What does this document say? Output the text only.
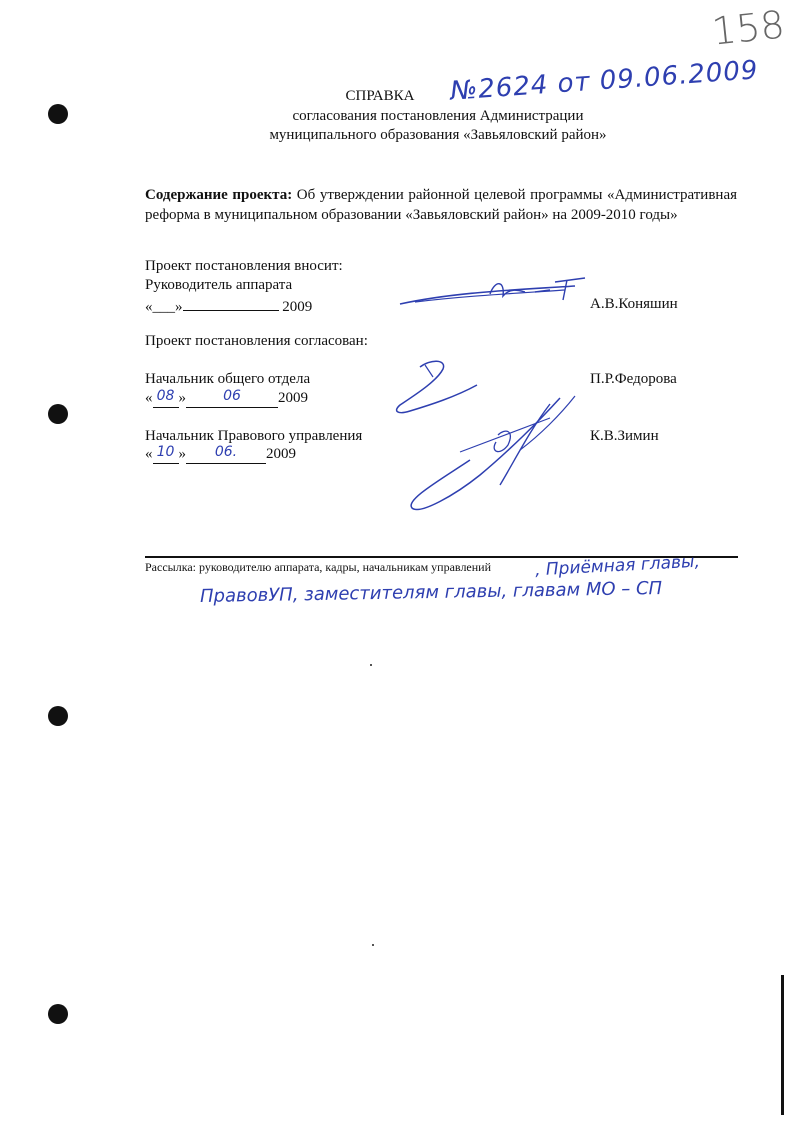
158
СПРАВКА	№2624 от 09.06.2009
согласования постановления Администрации
муниципального образования «Завьяловский район»
Содержание проекта: Об утверждении районной целевой программы «Административная реформа в муниципальном образовании «Завьяловский район» на 2009-2010 годы»
Проект постановления вносит:
Руководитель аппарата
«___»	2009	А.В.Коняшин
Проект постановления согласован:
Начальник общего отдела
« 08 »	06 2009
П.Р.Федорова
Начальник Правового управления
« 10 » 06. 2009
К.В.Зимин
Рассылка: руководителю аппарата, кадры, начальникам управлений	, Приёмная главы,
ПравовУП, заместителям главы, главам МО – СП
